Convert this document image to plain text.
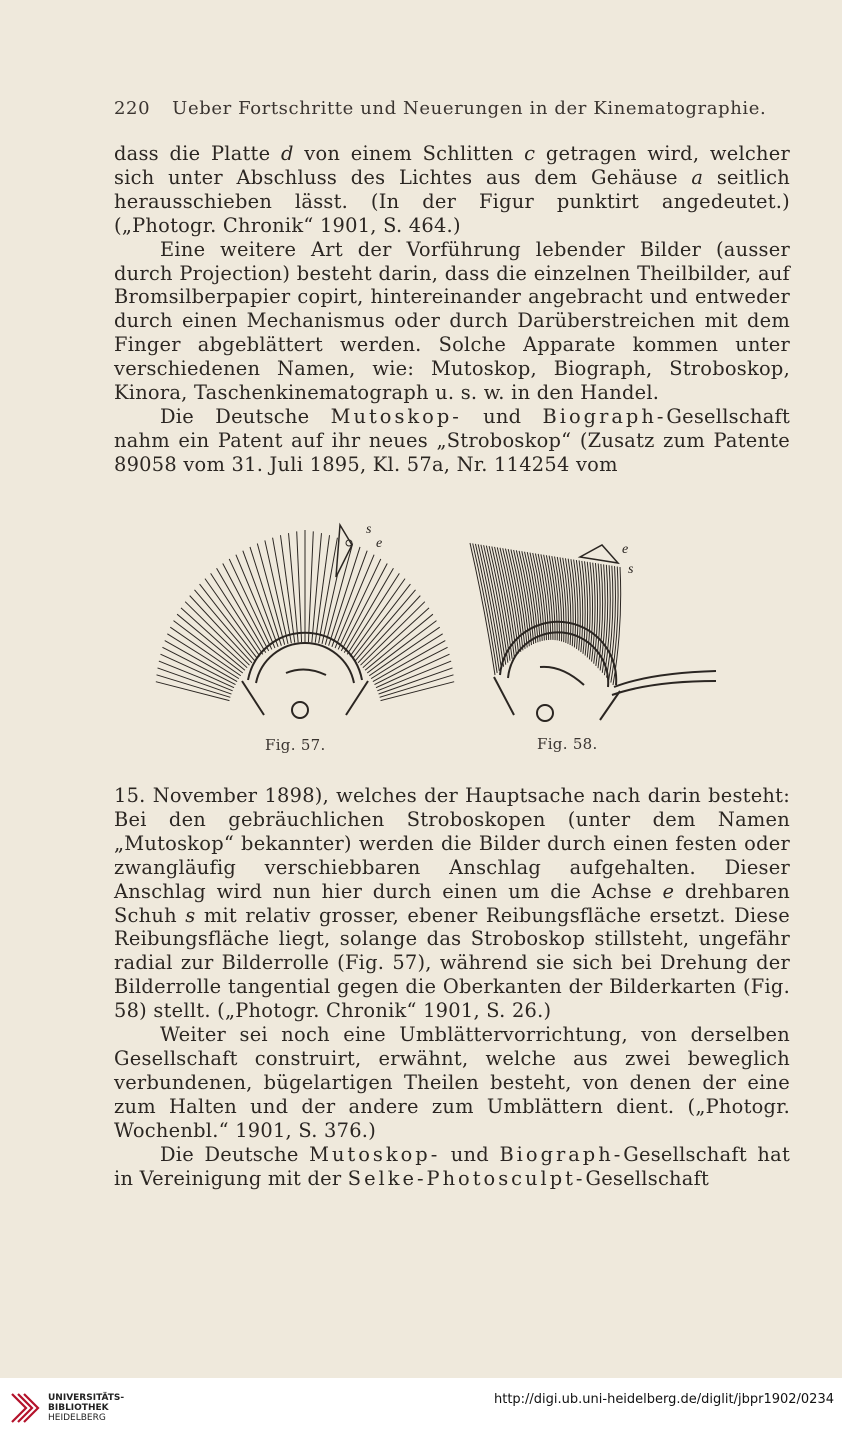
220 Ueber Fortschritte und Neuerungen in der Kinematographie.

dass die Platte d von einem Schlitten c getragen wird, welcher sich unter Abschluss des Lichtes aus dem Gehäuse a seitlich herausschieben lässt. (In der Figur punktirt angedeutet.) („Photogr. Chronik“ 1901, S. 464.)

Eine weitere Art der Vorführung lebender Bilder (ausser durch Projection) besteht darin, dass die einzelnen Theilbilder, auf Bromsilberpapier copirt, hintereinander angebracht und entweder durch einen Mechanismus oder durch Darüberstreichen mit dem Finger abgeblättert werden. Solche Apparate kommen unter verschiedenen Namen, wie: Mutoskop, Biograph, Stroboskop, Kinora, Taschenkinematograph u. s. w. in den Handel.

Die Deutsche Mutoskop- und Biograph-Gesellschaft nahm ein Patent auf ihr neues „Stroboskop“ (Zusatz zum Patente 89058 vom 31. Juli 1895, Kl. 57a, Nr. 114254 vom

s
e	e
s
Fig. 57.	Fig. 58.

15. November 1898), welches der Hauptsache nach darin besteht: Bei den gebräuchlichen Stroboskopen (unter dem Namen „Mutoskop“ bekannter) werden die Bilder durch einen festen oder zwangläufig verschiebbaren Anschlag aufgehalten. Dieser Anschlag wird nun hier durch einen um die Achse e drehbaren Schuh s mit relativ grosser, ebener Reibungsfläche ersetzt. Diese Reibungsfläche liegt, solange das Stroboskop stillsteht, ungefähr radial zur Bilderrolle (Fig. 57), während sie sich bei Drehung der Bilderrolle tangential gegen die Oberkanten der Bilderkarten (Fig. 58) stellt. („Photogr. Chronik“ 1901, S. 26.)

Weiter sei noch eine Umblättervorrichtung, von derselben Gesellschaft construirt, erwähnt, welche aus zwei beweglich verbundenen, bügelartigen Theilen besteht, von denen der eine zum Halten und der andere zum Umblättern dient. („Photogr. Wochenbl.“ 1901, S. 376.)

Die Deutsche Mutoskop- und Biograph-Gesellschaft hat in Vereinigung mit der Selke-Photosculpt-Gesellschaft

UNIVERSITÄTS-
BIBLIOTHEK
HEIDELBERG
http://digi.ub.uni-heidelberg.de/diglit/jbpr1902/0234
